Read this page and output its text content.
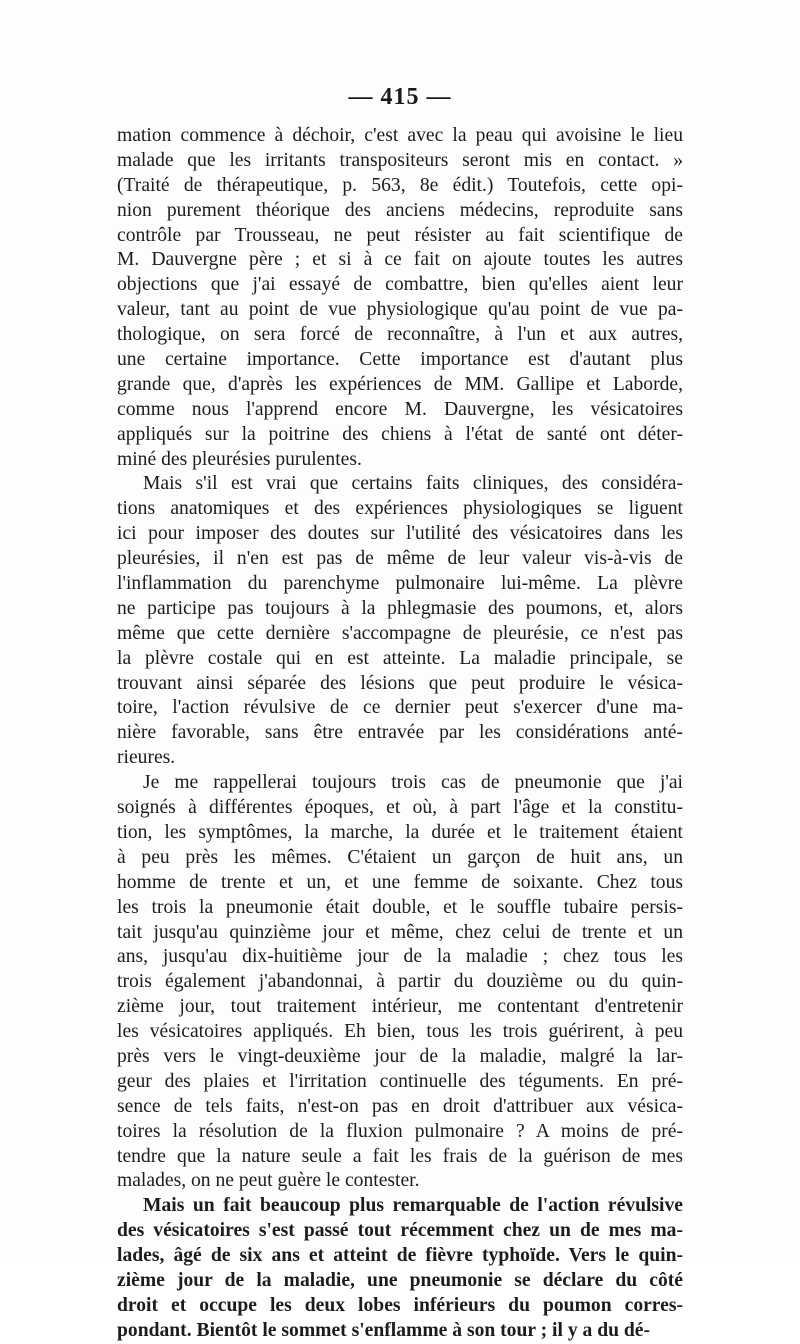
— 415 —
mation commence à déchoir, c'est avec la peau qui avoisine le lieu
malade que les irritants transpositeurs seront mis en contact. »
(Traité de thérapeutique, p. 563, 8e édit.) Toutefois, cette opi-
nion purement théorique des anciens médecins, reproduite sans
contrôle par Trousseau, ne peut résister au fait scientifique de
M. Dauvergne père ; et si à ce fait on ajoute toutes les autres
objections que j'ai essayé de combattre, bien qu'elles aient leur
valeur, tant au point de vue physiologique qu'au point de vue pa-
thologique, on sera forcé de reconnaître, à l'un et aux autres,
une certaine importance. Cette importance est d'autant plus
grande que, d'après les expériences de MM. Gallipe et Laborde,
comme nous l'apprend encore M. Dauvergne, les vésicatoires
appliqués sur la poitrine des chiens à l'état de santé ont déter-
miné des pleurésies purulentes.
Mais s'il est vrai que certains faits cliniques, des considéra-
tions anatomiques et des expériences physiologiques se liguent
ici pour imposer des doutes sur l'utilité des vésicatoires dans les
pleurésies, il n'en est pas de même de leur valeur vis-à-vis de
l'inflammation du parenchyme pulmonaire lui-même. La plèvre
ne participe pas toujours à la phlegmasie des poumons, et, alors
même que cette dernière s'accompagne de pleurésie, ce n'est pas
la plèvre costale qui en est atteinte. La maladie principale, se
trouvant ainsi séparée des lésions que peut produire le vésica-
toire, l'action révulsive de ce dernier peut s'exercer d'une ma-
nière favorable, sans être entravée par les considérations anté-
rieures.
Je me rappellerai toujours trois cas de pneumonie que j'ai
soignés à différentes époques, et où, à part l'âge et la constitu-
tion, les symptômes, la marche, la durée et le traitement étaient
à peu près les mêmes. C'étaient un garçon de huit ans, un
homme de trente et un, et une femme de soixante. Chez tous
les trois la pneumonie était double, et le souffle tubaire persis-
tait jusqu'au quinzième jour et même, chez celui de trente et un
ans, jusqu'au dix-huitième jour de la maladie ; chez tous les
trois également j'abandonnai, à partir du douzième ou du quin-
zième jour, tout traitement intérieur, me contentant d'entretenir
les vésicatoires appliqués. Eh bien, tous les trois guérirent, à peu
près vers le vingt-deuxième jour de la maladie, malgré la lar-
geur des plaies et l'irritation continuelle des téguments. En pré-
sence de tels faits, n'est-on pas en droit d'attribuer aux vésica-
toires la résolution de la fluxion pulmonaire ? A moins de pré-
tendre que la nature seule a fait les frais de la guérison de mes
malades, on ne peut guère le contester.
Mais un fait beaucoup plus remarquable de l'action révulsive
des vésicatoires s'est passé tout récemment chez un de mes ma-
lades, âgé de six ans et atteint de fièvre typhoïde. Vers le quin-
zième jour de la maladie, une pneumonie se déclare du côté
droit et occupe les deux lobes inférieurs du poumon corres-
pondant. Bientôt le sommet s'enflamme à son tour ; il y a du dé-
